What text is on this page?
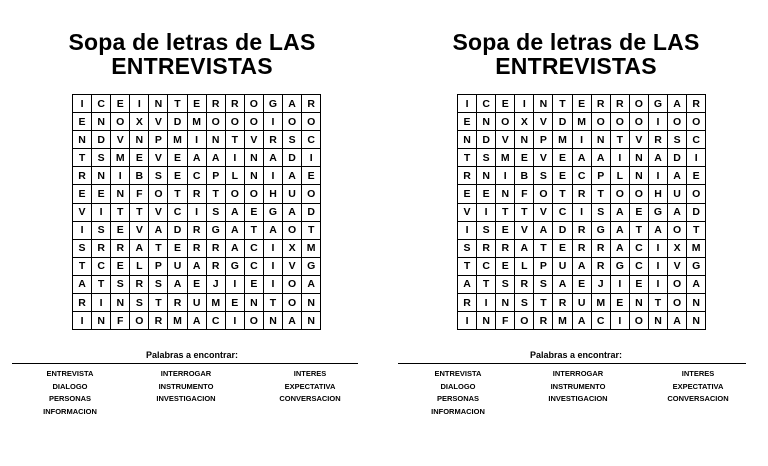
Sopa de letras de LAS
ENTREVISTAS
I	C	E	I	N	T	E	R	R	O	G	A	R
E	N	O	X	V	D	M	O	O	O	I	O	O
N	D	V	N	P	M	I	N	T	V	R	S	C
T	S	M	E	V	E	A	A	I	N	A	D	I
R	N	I	B	S	E	C	P	L	N	I	A	E
E	E	N	F	O	T	R	T	O	O	H	U	O
V	I	T	T	V	C	I	S	A	E	G	A	D
I	S	E	V	A	D	R	G	A	T	A	O	T
S	R	R	A	T	E	R	R	A	C	I	X	M
T	C	E	L	P	U	A	R	G	C	I	V	G
A	T	S	R	S	A	E	J	I	E	I	O	A
R	I	N	S	T	R	U	M	E	N	T	O	N
I	N	F	O	R	M	A	C	I	O	N	A	N
Palabras a encontrar:
ENTREVISTA
DIALOGO
PERSONAS
INFORMACION
INTERROGAR
INSTRUMENTO
INVESTIGACION
INTERES
EXPECTATIVA
CONVERSACION
Sopa de letras de LAS
ENTREVISTAS
I	C	E	I	N	T	E	R	R	O	G	A	R
E	N	O	X	V	D	M	O	O	O	I	O	O
N	D	V	N	P	M	I	N	T	V	R	S	C
T	S	M	E	V	E	A	A	I	N	A	D	I
R	N	I	B	S	E	C	P	L	N	I	A	E
E	E	N	F	O	T	R	T	O	O	H	U	O
V	I	T	T	V	C	I	S	A	E	G	A	D
I	S	E	V	A	D	R	G	A	T	A	O	T
S	R	R	A	T	E	R	R	A	C	I	X	M
T	C	E	L	P	U	A	R	G	C	I	V	G
A	T	S	R	S	A	E	J	I	E	I	O	A
R	I	N	S	T	R	U	M	E	N	T	O	N
I	N	F	O	R	M	A	C	I	O	N	A	N
Palabras a encontrar:
ENTREVISTA
DIALOGO
PERSONAS
INFORMACION
INTERROGAR
INSTRUMENTO
INVESTIGACION
INTERES
EXPECTATIVA
CONVERSACION
